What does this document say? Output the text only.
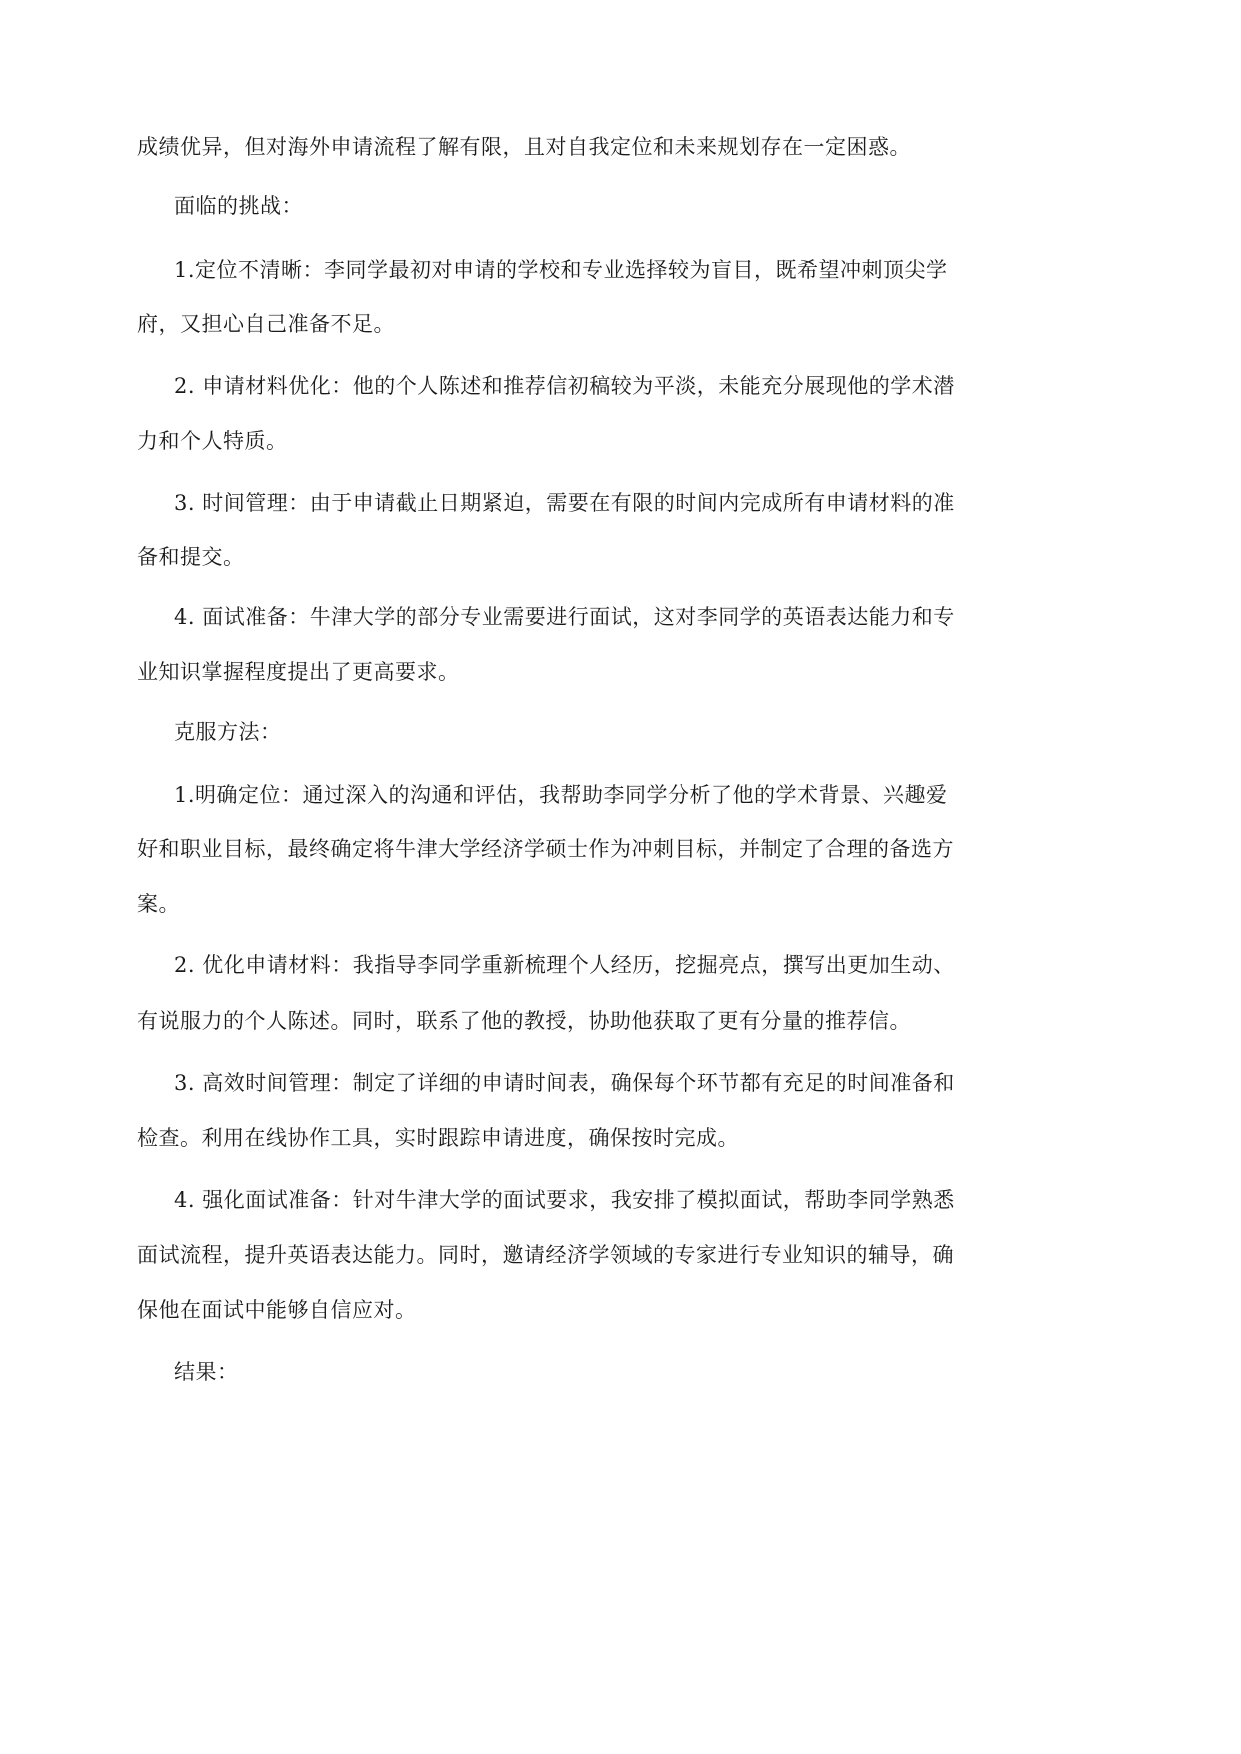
成绩优异，但对海外申请流程了解有限，且对自我定位和未来规划存在一定困惑。
面临的挑战：
1.定位不清晰：李同学最初对申请的学校和专业选择较为盲目，既希望冲刺顶尖学
府，又担心自己准备不足。
2. 申请材料优化：他的个人陈述和推荐信初稿较为平淡，未能充分展现他的学术潜
力和个人特质。
3. 时间管理：由于申请截止日期紧迫，需要在有限的时间内完成所有申请材料的准
备和提交。
4. 面试准备：牛津大学的部分专业需要进行面试，这对李同学的英语表达能力和专
业知识掌握程度提出了更高要求。
克服方法：
1.明确定位：通过深入的沟通和评估，我帮助李同学分析了他的学术背景、兴趣爱
好和职业目标，最终确定将牛津大学经济学硕士作为冲刺目标，并制定了合理的备选方
案。
2. 优化申请材料：我指导李同学重新梳理个人经历，挖掘亮点，撰写出更加生动、
有说服力的个人陈述。同时，联系了他的教授，协助他获取了更有分量的推荐信。
3. 高效时间管理：制定了详细的申请时间表，确保每个环节都有充足的时间准备和
检查。利用在线协作工具，实时跟踪申请进度，确保按时完成。
4. 强化面试准备：针对牛津大学的面试要求，我安排了模拟面试，帮助李同学熟悉
面试流程，提升英语表达能力。同时，邀请经济学领域的专家进行专业知识的辅导，确
保他在面试中能够自信应对。
结果：
